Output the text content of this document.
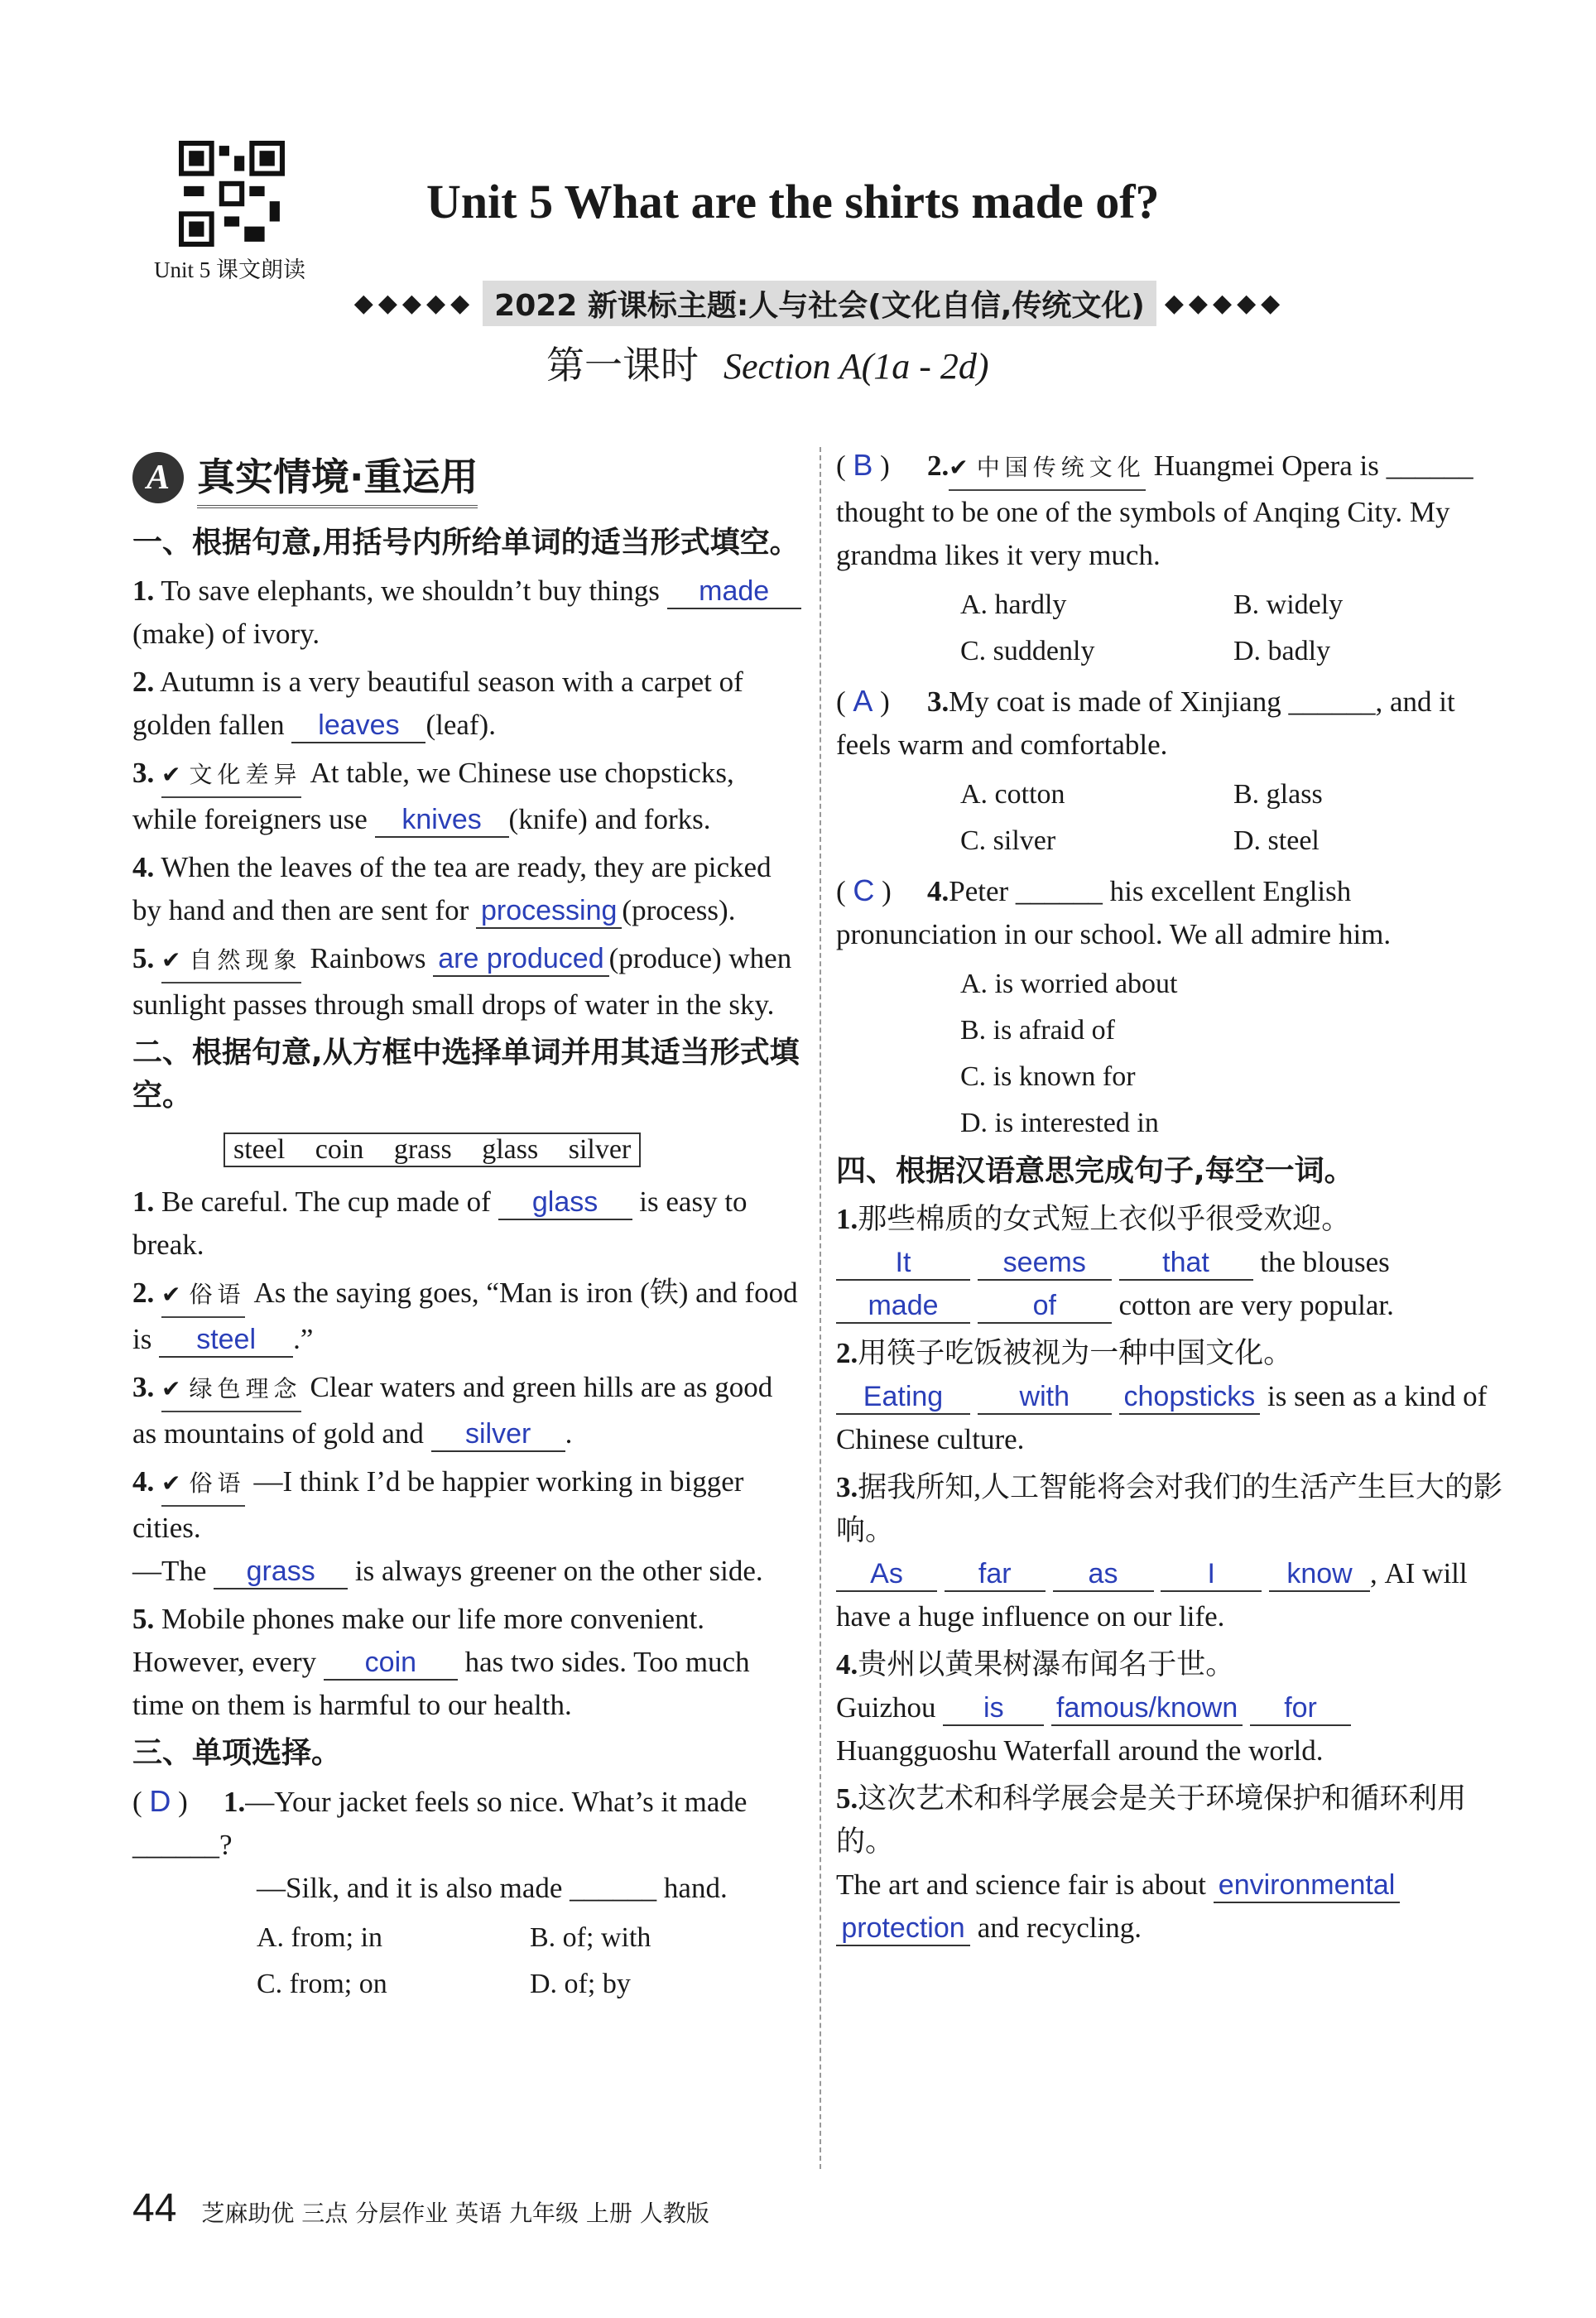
Unit 5 课文朗读
Unit 5 What are the shirts made of?
◆◆◆◆◆ 2022 新课标主题:人与社会(文化自信,传统文化) ◆◆◆◆◆
第一课时 Section A(1a - 2d)
A 真实情境·重运用
一、根据句意,用括号内所给单词的适当形式填空。
1. To save elephants, we shouldn’t buy things made(make) of ivory.
2. Autumn is a very beautiful season with a carpet of golden fallen leaves (leaf).
3. ✔ 文化差异 At table, we Chinese use chopsticks, while foreigners use knives (knife) and forks.
4. When the leaves of the tea are ready, they are picked by hand and then are sent for processing (process).
5. ✔ 自然现象 Rainbows are produced (produce) when sunlight passes through small drops of water in the sky.
二、根据句意,从方框中选择单词并用其适当形式填空。
steel coin grass glass silver
1. Be careful. The cup made of glass is easy to break.
2. ✔ 俗语 As the saying goes, “Man is iron (铁) and food is steel .”
3. ✔ 绿色理念 Clear waters and green hills are as good as mountains of gold and silver .
4. ✔ 俗语 —I think I’d be happier working in bigger cities.
—The grass is always greener on the other side.
5. Mobile phones make our life more convenient. However, every coin has two sides. Too much time on them is harmful to our health.
三、单项选择。
( D ) 1.—Your jacket feels so nice. What’s it made ______?
—Silk, and it is also made ______ hand.
A. from; in	B. of; with
C. from; on	D. of; by
( B ) 2. ✔ 中国传统文化 Huangmei Opera is ______ thought to be one of the symbols of Anqing City. My grandma likes it very much.
A. hardly	B. widely
C. suddenly	D. badly
( A ) 3.My coat is made of Xinjiang ______, and it feels warm and comfortable.
A. cotton	B. glass
C. silver	D. steel
( C ) 4.Peter ______ his excellent English pronunciation in our school. We all admire him.
A. is worried about
B. is afraid of
C. is known for
D. is interested in
四、根据汉语意思完成句子,每空一词。
1.那些棉质的女式短上衣似乎很受欢迎。
It	seems	that the blouses made	of cotton are very popular.
2.用筷子吃饭被视为一种中国文化。
Eating	with chopsticks is seen as a kind of Chinese culture.
3.据我所知,人工智能将会对我们的生活产生巨大的影响。
As	far	as	I	know , AI will have a huge influence on our life.
4.贵州以黄果树瀑布闻名于世。
Guizhou is famous/known for Huangguoshu Waterfall around the world.
5.这次艺术和科学展会是关于环境保护和循环利用的。
The art and science fair is about environmental protection and recycling.
44 芝麻助优 三点 分层作业 英语 九年级 上册 人教版
